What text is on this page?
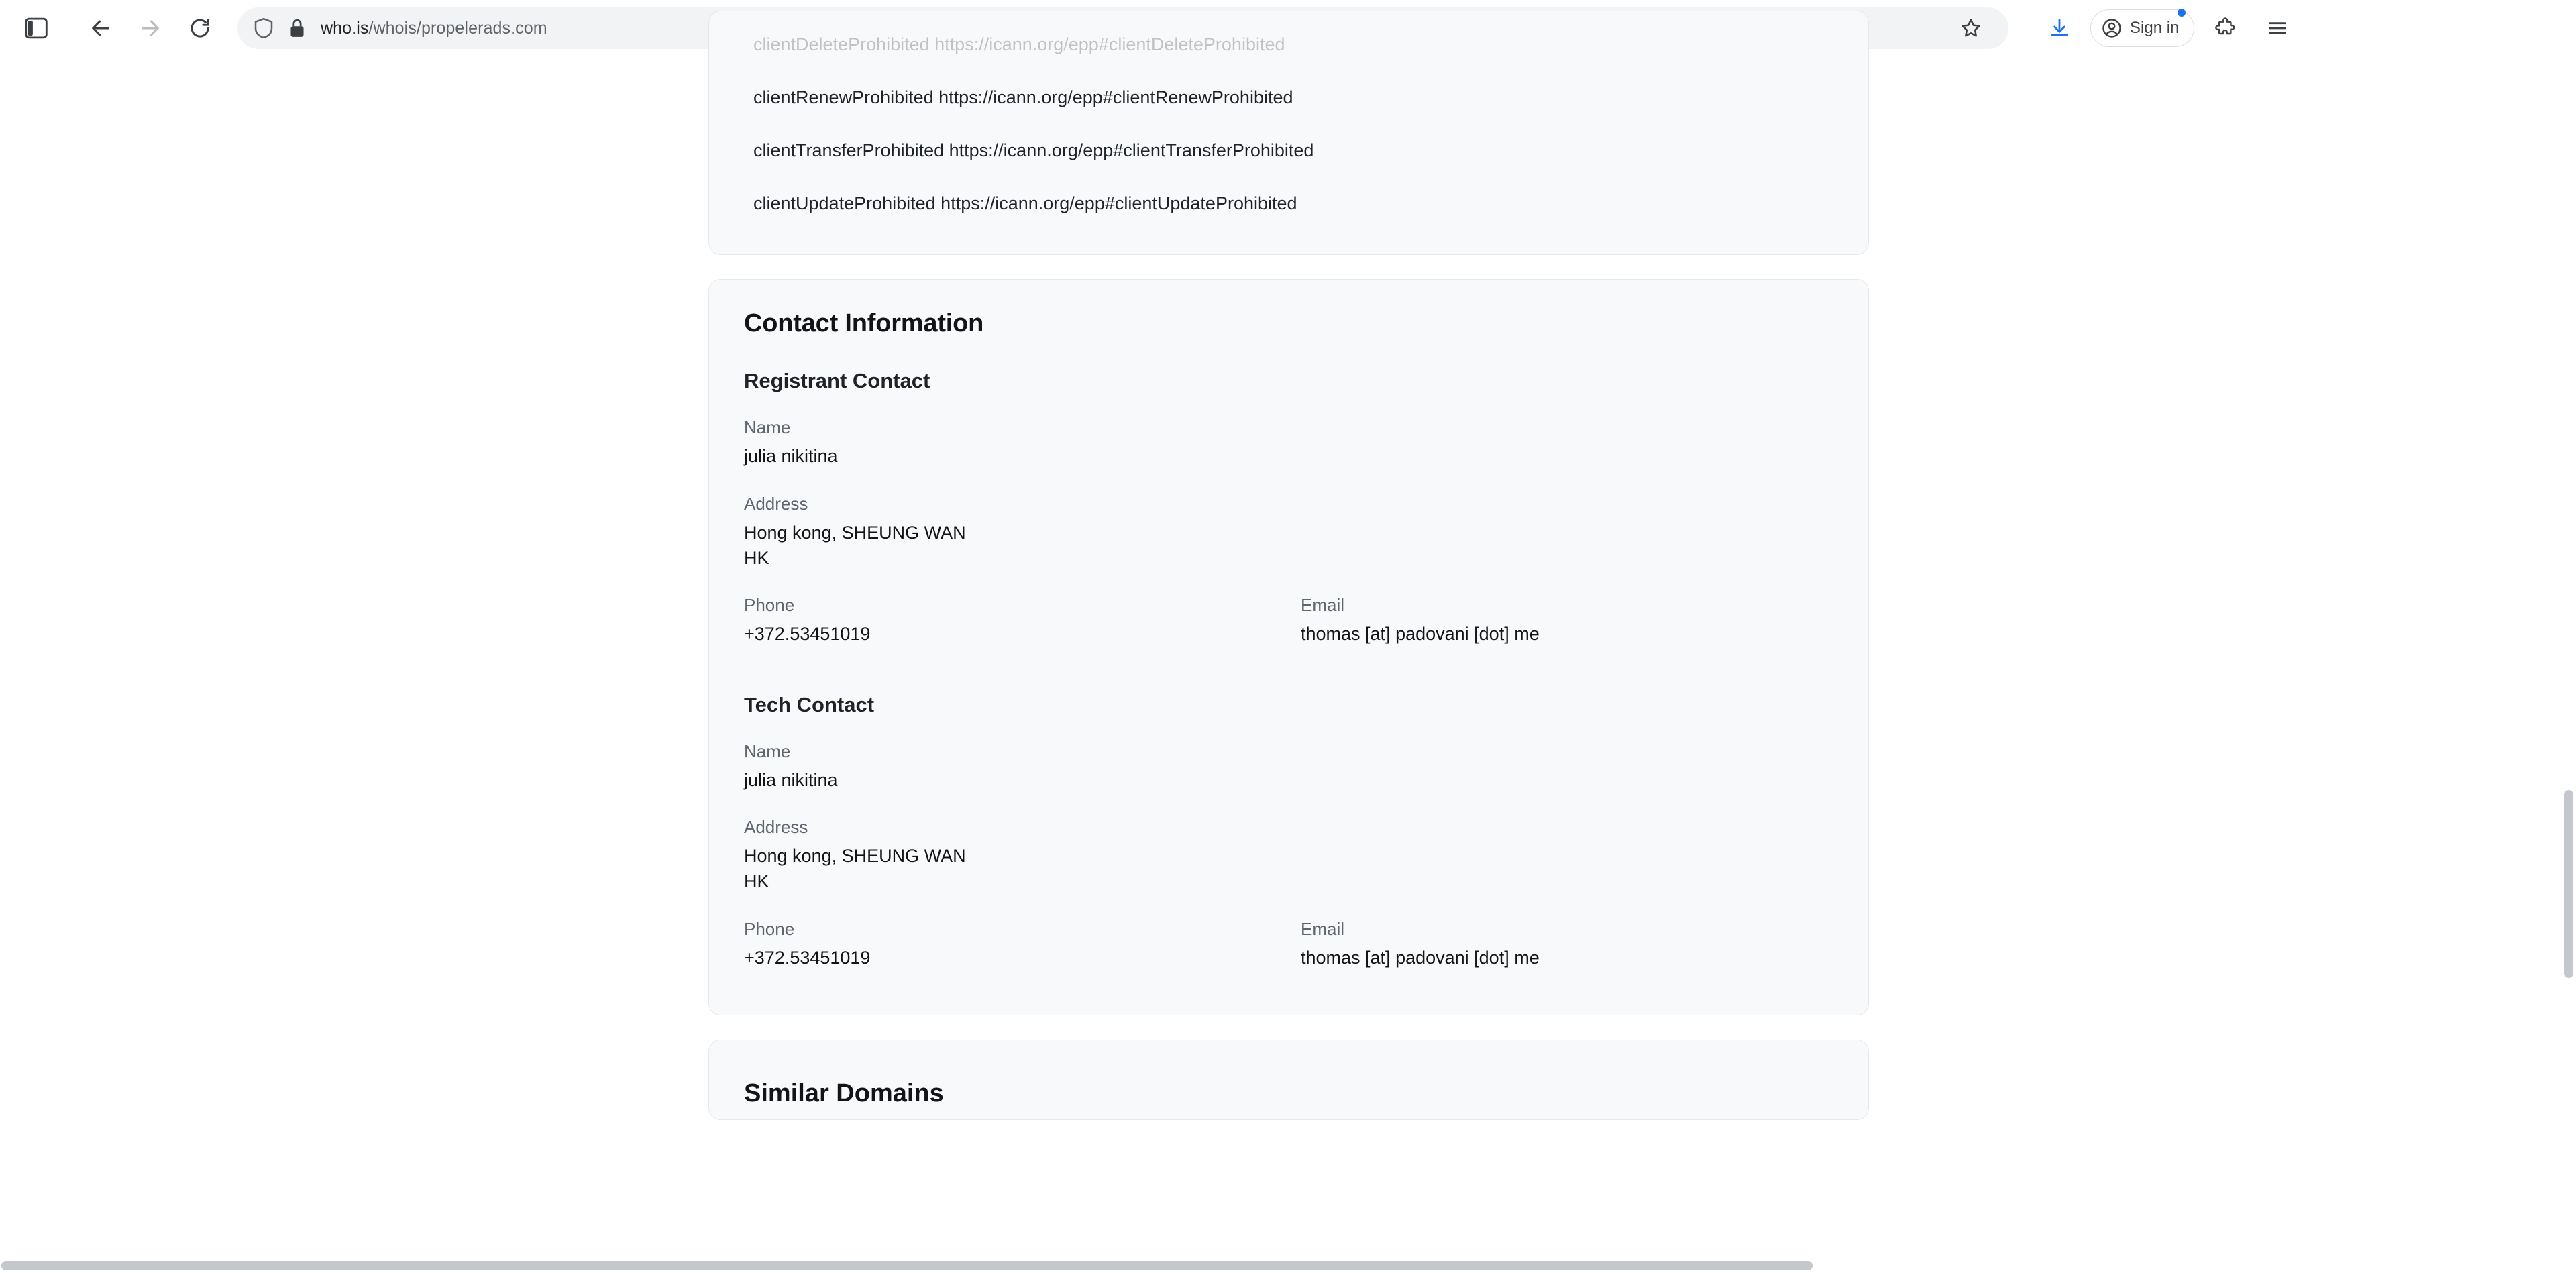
who.is/whois/propelerads.com	Sign in
clientDeleteProhibited https://icann.org/epp#clientDeleteProhibited
clientRenewProhibited https://icann.org/epp#clientRenewProhibited
clientTransferProhibited https://icann.org/epp#clientTransferProhibited
clientUpdateProhibited https://icann.org/epp#clientUpdateProhibited
Contact Information
Registrant Contact
Name
julia nikitina
Address
Hong kong, SHEUNG WAN
HK
Phone
+372.53451019
Email
thomas [at] padovani [dot] me
Tech Contact
Name
julia nikitina
Address
Hong kong, SHEUNG WAN
HK
Phone
+372.53451019
Email
thomas [at] padovani [dot] me
Similar Domains
